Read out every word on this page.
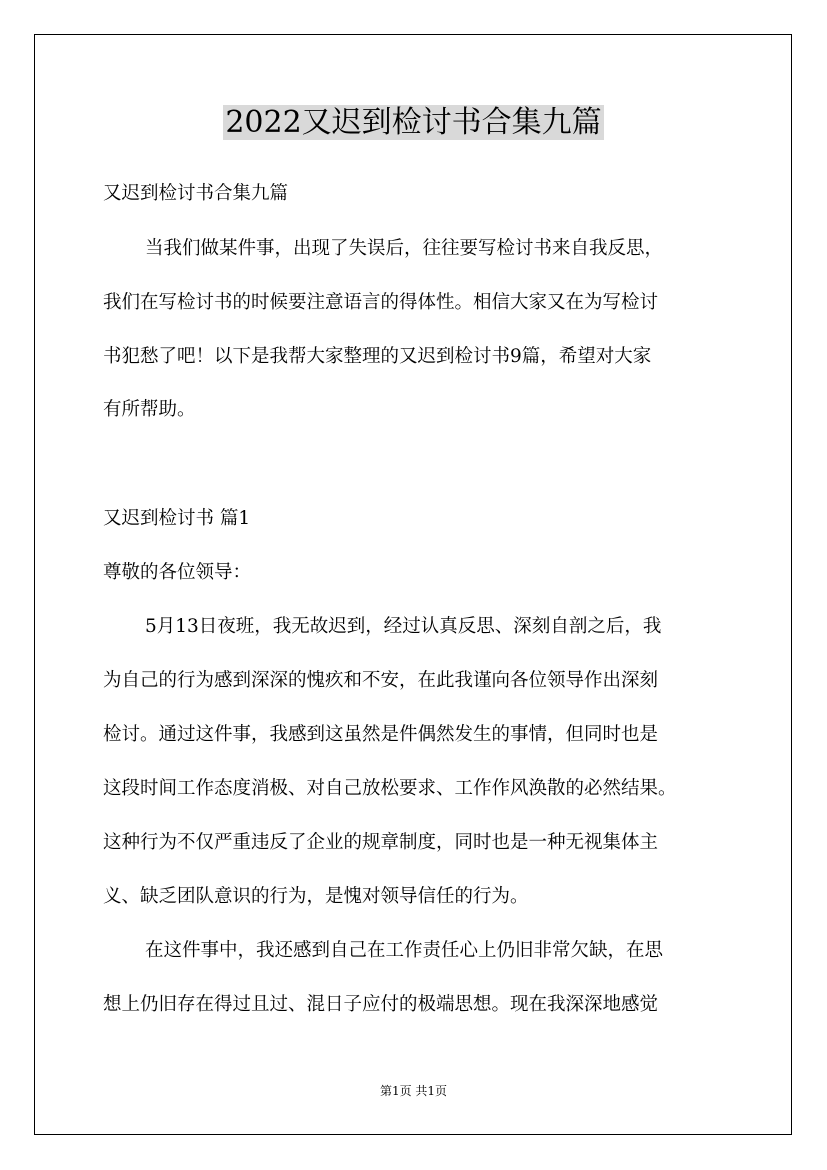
2022又迟到检讨书合集九篇

又迟到检讨书合集九篇

当我们做某件事，出现了失误后，往往要写检讨书来自我反思，

我们在写检讨书的时候要注意语言的得体性。相信大家又在为写检讨

书犯愁了吧！以下是我帮大家整理的又迟到检讨书9篇，希望对大家

有所帮助。

又迟到检讨书 篇1

尊敬的各位领导：

5月13日夜班，我无故迟到，经过认真反思、深刻自剖之后，我

为自己的行为感到深深的愧疚和不安，在此我谨向各位领导作出深刻

检讨。通过这件事，我感到这虽然是件偶然发生的事情，但同时也是

这段时间工作态度消极、对自己放松要求、工作作风涣散的必然结果。

这种行为不仅严重违反了企业的规章制度，同时也是一种无视集体主

义、缺乏团队意识的行为，是愧对领导信任的行为。

在这件事中，我还感到自己在工作责任心上仍旧非常欠缺，在思

想上仍旧存在得过且过、混日子应付的极端思想。现在我深深地感觉

第1页 共1页
